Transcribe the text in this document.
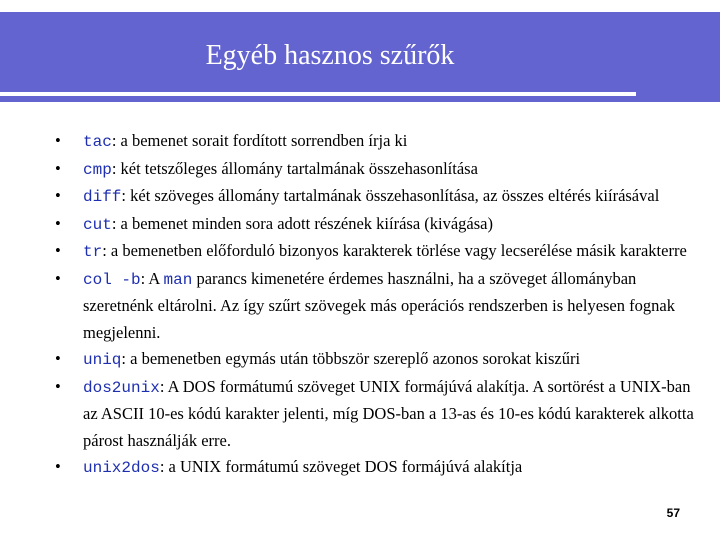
Egyéb hasznos szűrők
• tac: a bemenet sorait fordított sorrendben írja ki
• cmp: két tetszőleges állomány tartalmának összehasonlítása
• diff: két szöveges állomány tartalmának összehasonlítása, az összes eltérés kiírásával
• cut: a bemenet minden sora adott részének kiírása (kivágása)
• tr: a bemenetben előforduló bizonyos karakterek törlése vagy lecserélése másik karakterre
• col -b: A man parancs kimenetére érdemes használni, ha a szöveget állományban szeretnénk eltárolni. Az így szűrt szövegek más operációs rendszerben is helyesen fognak megjelenni.
• uniq: a bemenetben egymás után többször szereplő azonos sorokat kiszűri
• dos2unix: A DOS formátumú szöveget UNIX formájúvá alakítja. A sortörést a UNIX-ban az ASCII 10-es kódú karakter jelenti, míg DOS-ban a 13-as és 10-es kódú karakterek alkotta párost használják erre.
• unix2dos: a UNIX formátumú szöveget DOS formájúvá alakítja
57
